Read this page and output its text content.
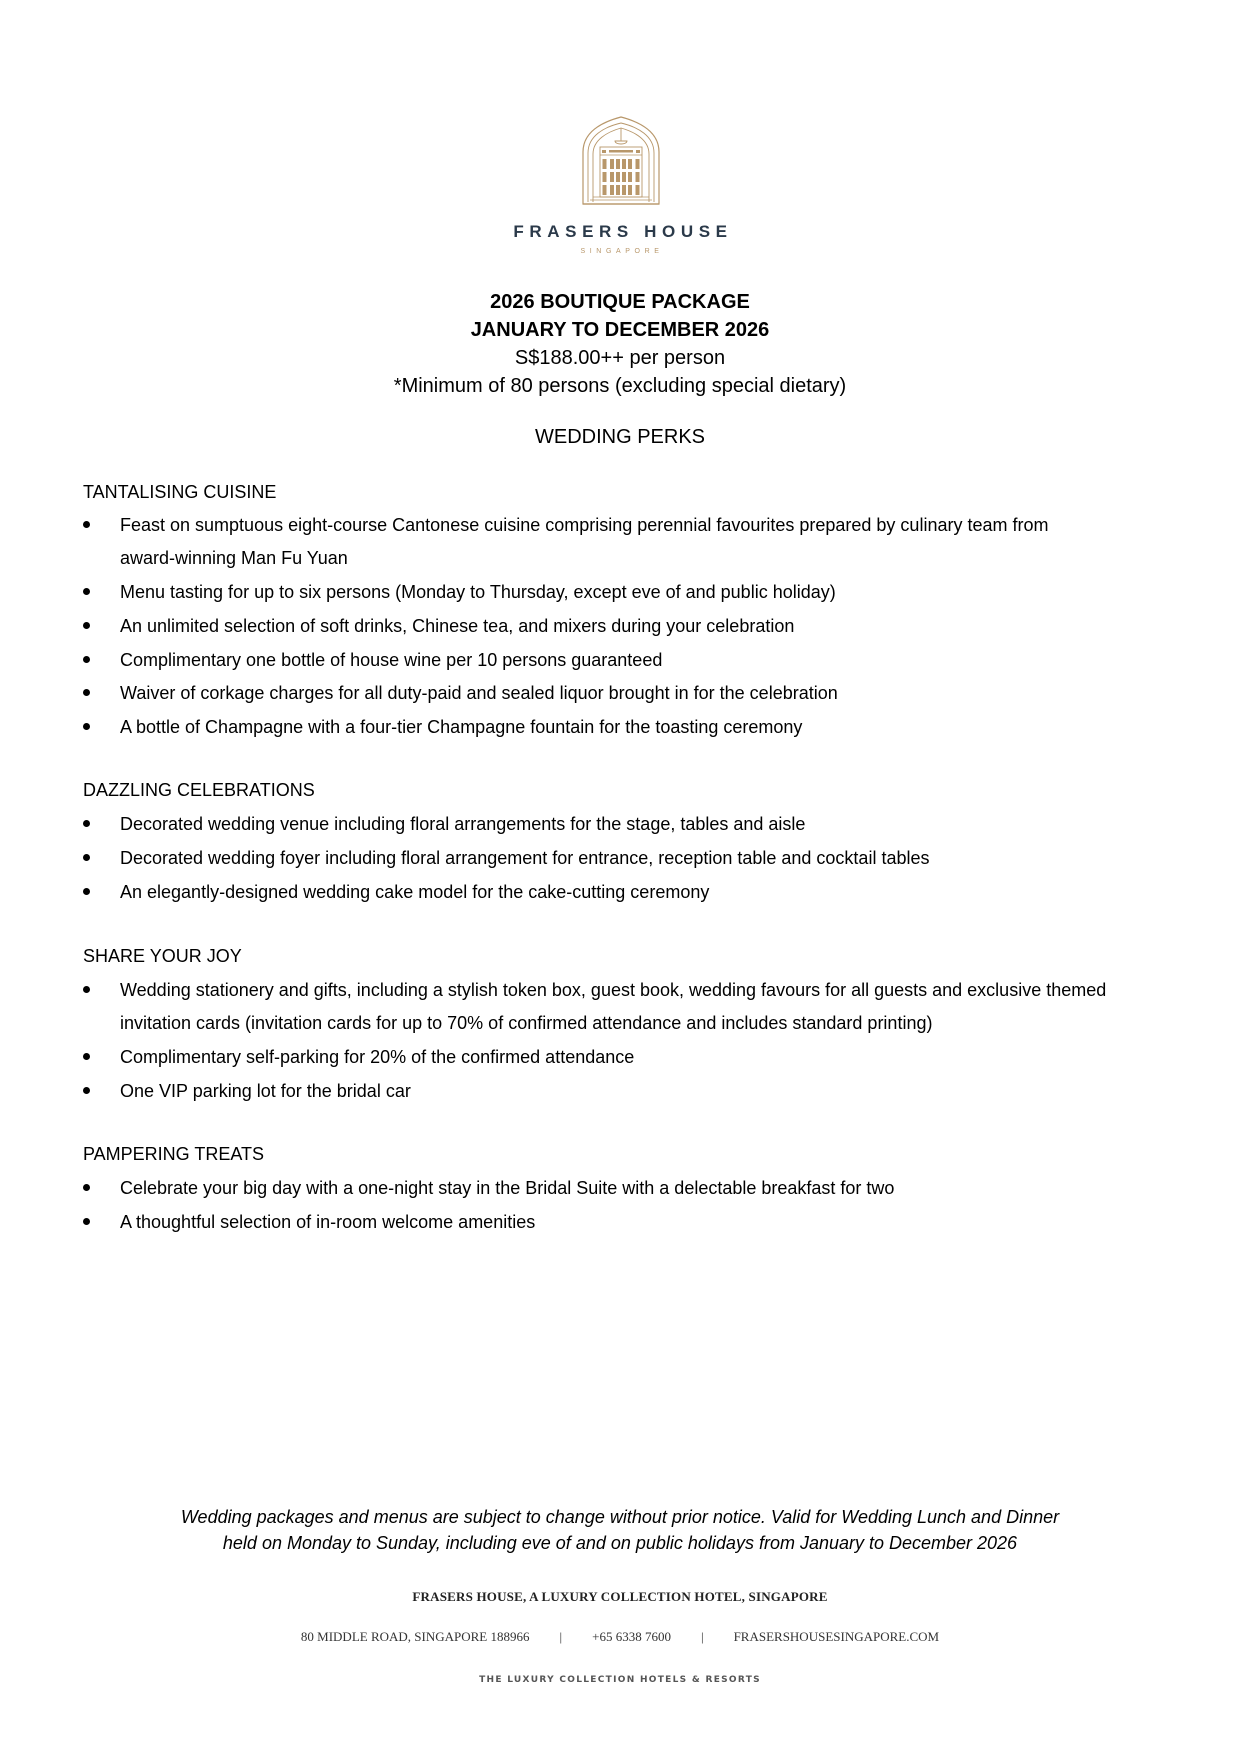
FRASERS HOUSE
SINGAPORE
2026 BOUTIQUE PACKAGE
JANUARY TO DECEMBER 2026
S$188.00++ per person
*Minimum of 80 persons (excluding special dietary)
WEDDING PERKS
TANTALISING CUISINE
Feast on sumptuous eight-course Cantonese cuisine comprising perennial favourites prepared by culinary team from
award-winning Man Fu Yuan
Menu tasting for up to six persons (Monday to Thursday, except eve of and public holiday)
An unlimited selection of soft drinks, Chinese tea, and mixers during your celebration
Complimentary one bottle of house wine per 10 persons guaranteed
Waiver of corkage charges for all duty-paid and sealed liquor brought in for the celebration
A bottle of Champagne with a four-tier Champagne fountain for the toasting ceremony
DAZZLING CELEBRATIONS
Decorated wedding venue including floral arrangements for the stage, tables and aisle
Decorated wedding foyer including floral arrangement for entrance, reception table and cocktail tables
An elegantly-designed wedding cake model for the cake-cutting ceremony
SHARE YOUR JOY
Wedding stationery and gifts, including a stylish token box, guest book, wedding favours for all guests and exclusive themed
invitation cards (invitation cards for up to 70% of confirmed attendance and includes standard printing)
Complimentary self-parking for 20% of the confirmed attendance
One VIP parking lot for the bridal car
PAMPERING TREATS
Celebrate your big day with a one-night stay in the Bridal Suite with a delectable breakfast for two
A thoughtful selection of in-room welcome amenities
Wedding packages and menus are subject to change without prior notice. Valid for Wedding Lunch and Dinner
held on Monday to Sunday, including eve of and on public holidays from January to December 2026
FRASERS HOUSE, A LUXURY COLLECTION HOTEL, SINGAPORE
80 MIDDLE ROAD, SINGAPORE 188966 | +65 6338 7600 | FRASERSHOUSESINGAPORE.COM
THE LUXURY COLLECTION HOTELS & RESORTS
